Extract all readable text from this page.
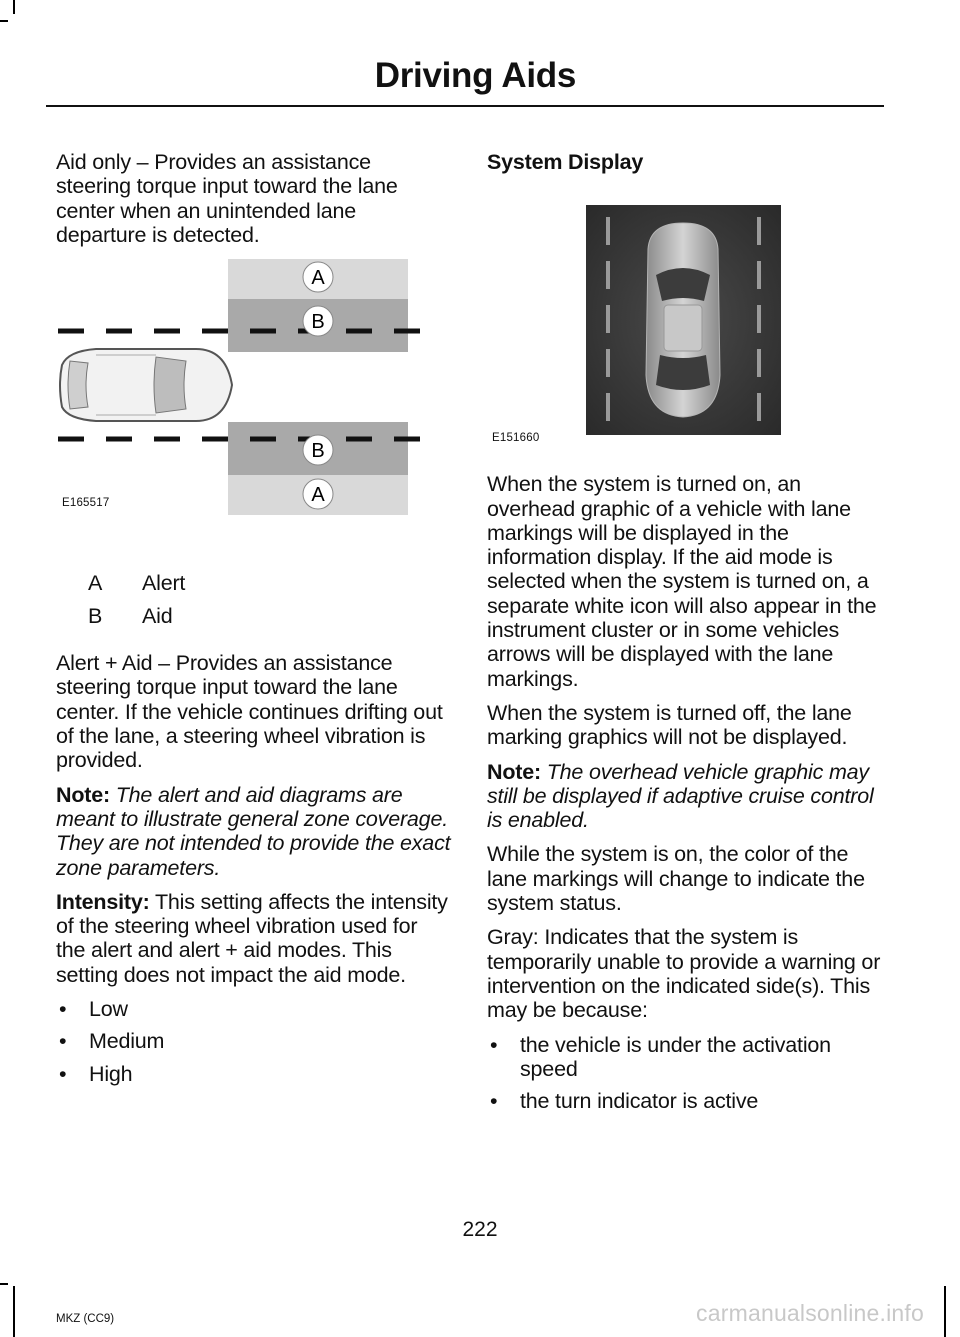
Driving Aids

Aid only – Provides an assistance steering torque input toward the lane center when an unintended lane departure is detected.

A	Alert
B	Aid

Alert + Aid – Provides an assistance steering torque input toward the lane center. If the vehicle continues drifting out of the lane, a steering wheel vibration is provided.

Note: The alert and aid diagrams are meant to illustrate general zone coverage. They are not intended to provide the exact zone parameters.

Intensity: This setting affects the intensity of the steering wheel vibration used for the alert and alert + aid modes. This setting does not impact the aid mode.

• Low
• Medium
• High
A
B
B
A
E165517

System Display

When the system is turned on, an overhead graphic of a vehicle with lane markings will be displayed in the information display. If the aid mode is selected when the system is turned on, a separate white icon will also appear in the instrument cluster or in some vehicles arrows will be displayed with the lane markings.

When the system is turned off, the lane marking graphics will not be displayed.

Note: The overhead vehicle graphic may still be displayed if adaptive cruise control is enabled.

While the system is on, the color of the lane markings will change to indicate the system status.

Gray: Indicates that the system is temporarily unable to provide a warning or intervention on the indicated side(s). This may be because:

• the vehicle is under the activation speed
• the turn indicator is active
E151660
222
MKZ (CC9)	carmanualsonline.info
